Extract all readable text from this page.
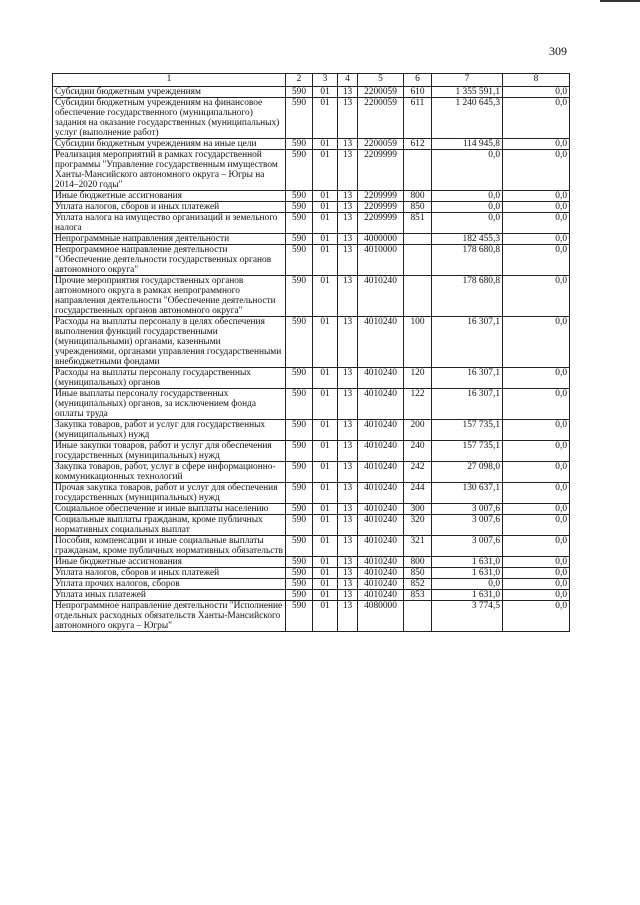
309
1	2	3	4	5	6	7	8
Субсидии бюджетным учреждениям	590	01	13	2200059	610	1 355 591,1	0,0
Субсидии бюджетным учреждениям на финансовое обеспечение государственного (муниципального) задания на оказание государственных (муниципальных) услуг (выполнение работ)	590	01	13	2200059	611	1 240 645,3	0,0
Субсидии бюджетным учреждениям на иные цели	590	01	13	2200059	612	114 945,8	0,0
Реализация мероприятий в рамках государственной программы "Управление государственным имуществом Ханты-Мансийского автономного округа – Югры на 2014–2020 годы"	590	01	13	2209999		0,0	0,0
Иные бюджетные ассигнования	590	01	13	2209999	800	0,0	0,0
Уплата налогов, сборов и иных платежей	590	01	13	2209999	850	0,0	0,0
Уплата налога на имущество организаций и земельного налога	590	01	13	2209999	851	0,0	0,0
Непрограммные направления деятельности	590	01	13	4000000		182 455,3	0,0
Непрограммное направление деятельности "Обеспечение деятельности государственных органов автономного округа"	590	01	13	4010000		178 680,8	0,0
Прочие мероприятия государственных органов автономного округа в рамках непрограммного направления деятельности "Обеспечение деятельности государственных органов автономного округа"	590	01	13	4010240		178 680,8	0,0
Расходы на выплаты персоналу в целях обеспечения выполнения функций государственными (муниципальными) органами, казенными учреждениями, органами управления государственными внебюджетными фондами	590	01	13	4010240	100	16 307,1	0,0
Расходы на выплаты персоналу государственных (муниципальных) органов	590	01	13	4010240	120	16 307,1	0,0
Иные выплаты персоналу государственных (муниципальных) органов, за исключением фонда оплаты труда	590	01	13	4010240	122	16 307,1	0,0
Закупка товаров, работ и услуг для государственных (муниципальных) нужд	590	01	13	4010240	200	157 735,1	0,0
Иные закупки товаров, работ и услуг для обеспечения государственных (муниципальных) нужд	590	01	13	4010240	240	157 735,1	0,0
Закупка товаров, работ, услуг в сфере информационно-коммуникационных технологий	590	01	13	4010240	242	27 098,0	0,0
Прочая закупка товаров, работ и услуг для обеспечения государственных (муниципальных) нужд	590	01	13	4010240	244	130 637,1	0,0
Социальное обеспечение и иные выплаты населению	590	01	13	4010240	300	3 007,6	0,0
Социальные выплаты гражданам, кроме публичных нормативных социальных выплат	590	01	13	4010240	320	3 007,6	0,0
Пособия, компенсации и иные социальные выплаты гражданам, кроме публичных нормативных обязательств	590	01	13	4010240	321	3 007,6	0,0
Иные бюджетные ассигнования	590	01	13	4010240	800	1 631,0	0,0
Уплата налогов, сборов и иных платежей	590	01	13	4010240	850	1 631,0	0,0
Уплата прочих налогов, сборов	590	01	13	4010240	852	0,0	0,0
Уплата иных платежей	590	01	13	4010240	853	1 631,0	0,0
Непрограммное направление деятельности "Исполнение отдельных расходных обязательств Ханты-Мансийского автономного округа – Югры"	590	01	13	4080000		3 774,5	0,0
